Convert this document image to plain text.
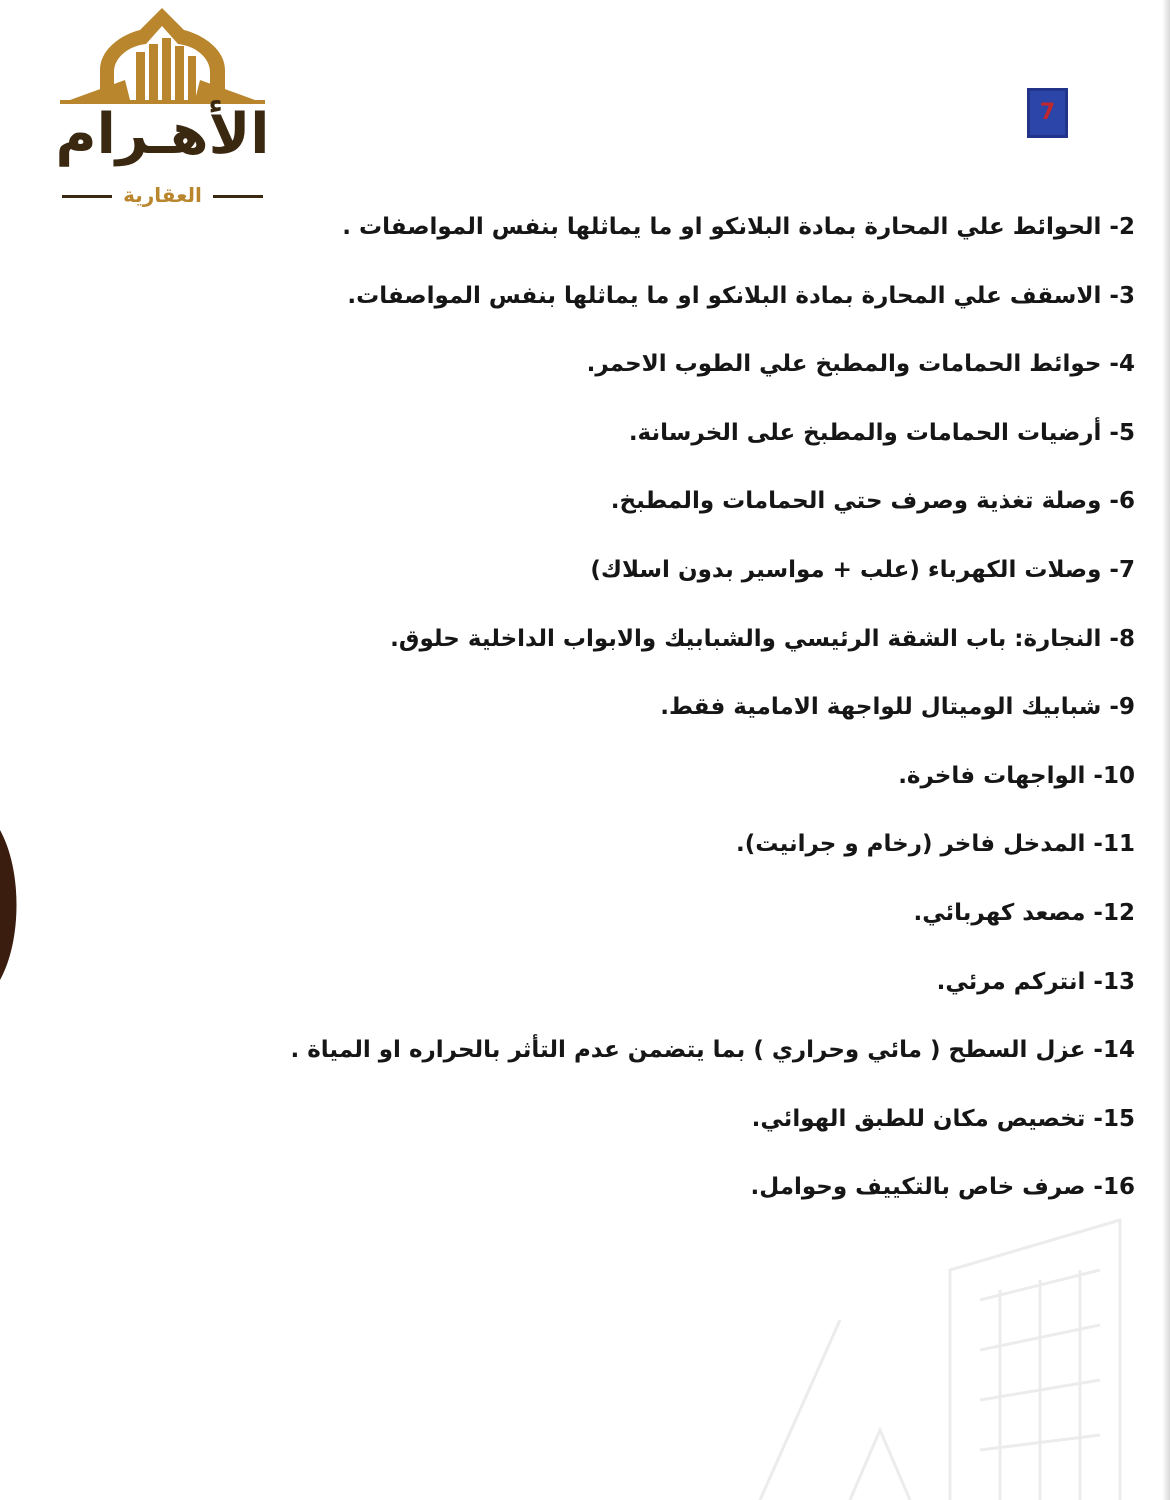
الأهـرام
العقارية
7
2- الحوائط علي المحارة بمادة البلانكو او ما يماثلها بنفس المواصفات .
3- الاسقف علي المحارة بمادة البلانكو او ما يماثلها بنفس المواصفات.
4- حوائط الحمامات والمطبخ علي الطوب الاحمر.
5- أرضيات الحمامات والمطبخ على الخرسانة.
6- وصلة تغذية وصرف حتي الحمامات والمطبخ.
7- وصلات الكهرباء (علب + مواسير بدون اسلاك)
8- النجارة: باب الشقة الرئيسي والشبابيك والابواب الداخلية حلوق.
9- شبابيك الوميتال للواجهة الامامية فقط.
10- الواجهات فاخرة.
11- المدخل فاخر (رخام و جرانيت).
12- مصعد كهربائي.
13- انتركم مرئي.
14- عزل السطح ( مائي وحراري ) بما يتضمن عدم التأثر بالحراره او المياة .
15- تخصيص مكان للطبق الهوائي.
16- صرف خاص بالتكييف وحوامل.
